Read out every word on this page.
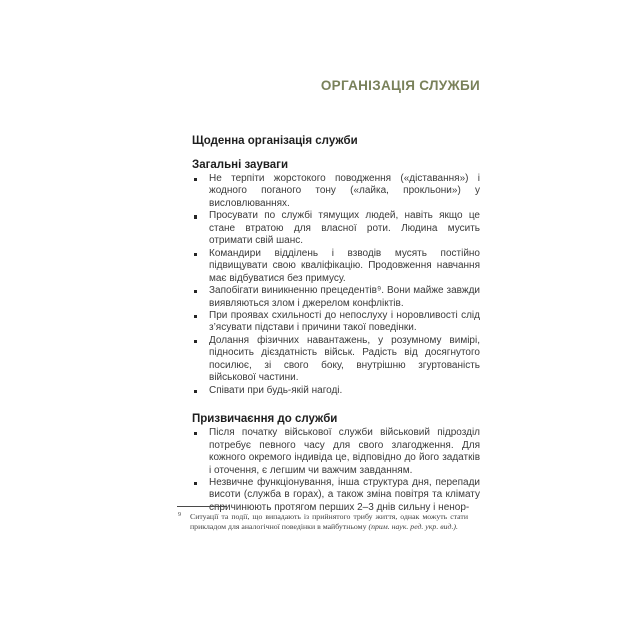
ОРГАНІЗАЦІЯ СЛУЖБИ
Щоденна організація служби
Загальні зауваги
Не терпіти жорстокого поводження («діставання») і жодного поганого тону («лайка, прокльони») у висловлюваннях.
Просувати по службі тямущих людей, навіть якщо це стане втратою для власної роти. Людина мусить отримати свій шанс.
Командири відділень і взводів мусять постійно підвищувати свою кваліфікацію. Продовження навчання має відбуватися без примусу.
Запобігати виникненню прецедентів⁹. Вони майже завжди виявляються злом і джерелом конфліктів.
При проявах схильності до непослуху і норовливості слід з’ясувати підстави і причини такої поведінки.
Долання фізичних навантажень, у розумному вимірі, підносить дієздатність військ. Радість від досягнутого посилює, зі свого боку, внутрішню згуртованість військової частини.
Співати при будь-якій нагоді.
Призвичаєння до служби
Після початку військової служби військовий підрозділ потребує певного часу для свого злагодження. Для кожного окремого індивіда це, відповідно до його задатків і оточення, є легшим чи важчим завданням.
Незвичне функціонування, інша структура дня, перепади висоти (служба в горах), а також зміна повітря та клімату спричинюють протягом перших 2–3 днів сильну і ненор-
9 Ситуації та події, що випадають із прийнятого трибу життя, однак можуть стати прикладом для аналогічної поведінки в майбутньому (прим. наук. ред. укр. вид.).
